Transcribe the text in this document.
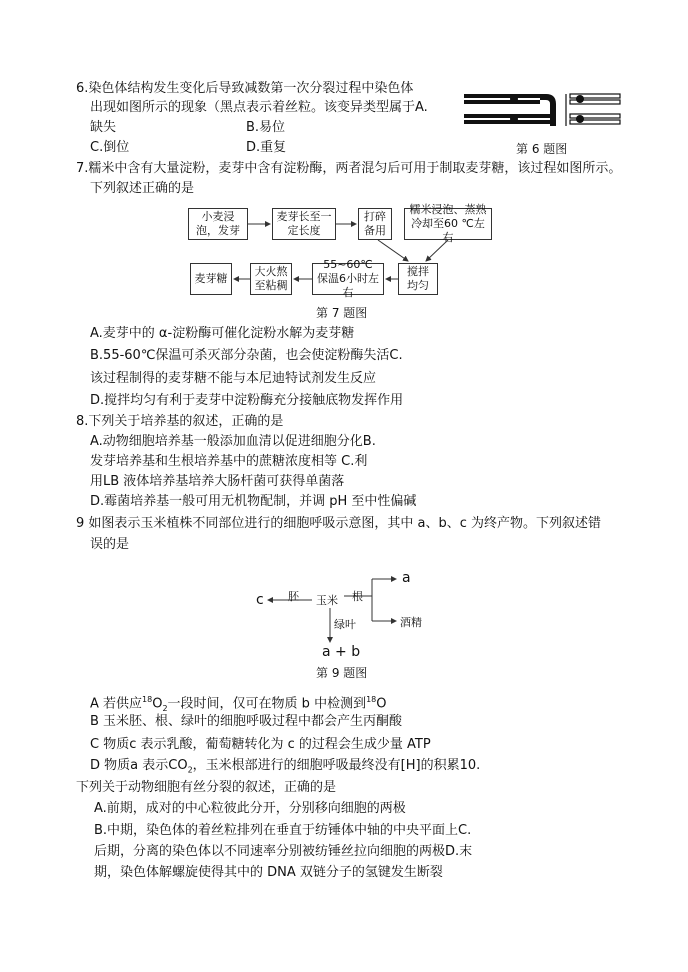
6.染色体结构发生变化后导致减数第一次分裂过程中染色体
出现如图所示的现象（黑点表示着丝粒。该变异类型属于A.
缺失	B.易位
C.倒位	D.重复	第 6 题图
7.糯米中含有大量淀粉，麦芽中含有淀粉酶，两者混匀后可用于制取麦芽糖，该过程如图所示。
下列叙述正确的是
小麦浸泡，发芽
麦芽长至一定长度
打碎备用
糯米浸泡、蒸熟冷却至60 ℃左右
搅拌均匀
55~60℃ 保温6小时左右
大火熬至粘稠
麦芽糖
第 7 题图
A.麦芽中的 α-淀粉酶可催化淀粉水解为麦芽糖
B.55-60℃保温可杀灭部分杂菌，也会使淀粉酶失活C.
该过程制得的麦芽糖不能与本尼迪特试剂发生反应
D.搅拌均匀有利于麦芽中淀粉酶充分接触底物发挥作用
8.下列关于培养基的叙述，正确的是
A.动物细胞培养基一般添加血清以促进细胞分化B.
发芽培养基和生根培养基中的蔗糖浓度相等 C.利
用LB 液体培养基培养大肠杆菌可获得单菌落
D.霉菌培养基一般可用无机物配制，并调 pH 至中性偏碱
9 如图表示玉米植株不同部位进行的细胞呼吸示意图，其中 a、b、c 为终产物。下列叙述错
误的是
c 胚 玉米 根
a
酒精
绿叶
a + b
第 9 题图
A 若供应$^{18}O_2$一段时间，仅可在物质 b 中检测到$^{18}$O
B 玉米胚、根、绿叶的细胞呼吸过程中都会产生丙酮酸
C 物质c 表示乳酸，葡萄糖转化为 c 的过程会生成少量 ATP
D 物质a 表示$CO_2$，玉米根部进行的细胞呼吸最终没有[H]的积累10.
下列关于动物细胞有丝分裂的叙述，正确的是
A.前期，成对的中心粒彼此分开，分别移向细胞的两极
B.中期，染色体的着丝粒排列在垂直于纺锤体中轴的中央平面上C.
后期，分离的染色体以不同速率分别被纺锤丝拉向细胞的两极D.末
期，染色体解螺旋使得其中的 DNA 双链分子的氢键发生断裂
